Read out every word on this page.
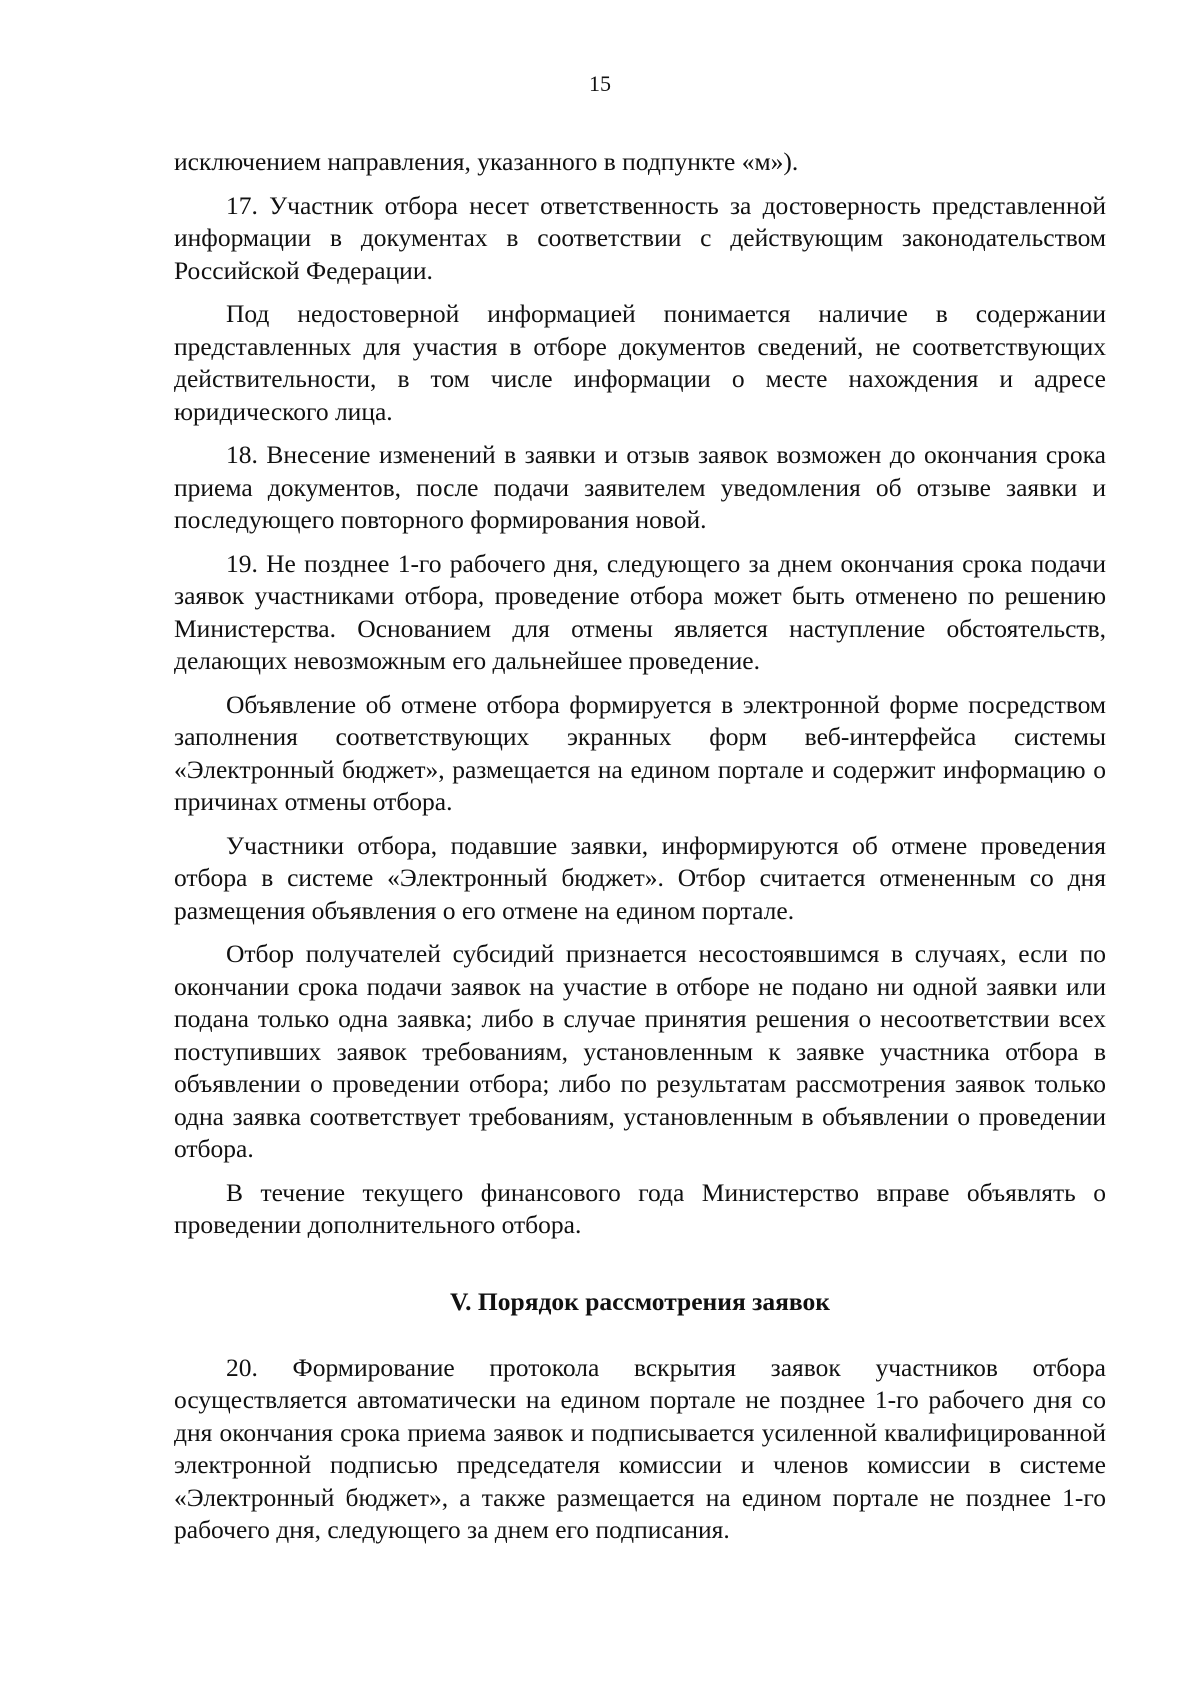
15

исключением направления, указанного в подпункте «м»).

17. Участник отбора несет ответственность за достоверность представленной информации в документах в соответствии с действующим законодательством Российской Федерации.

Под недостоверной информацией понимается наличие в содержании представленных для участия в отборе документов сведений, не соответствующих действительности, в том числе информации о месте нахождения и адресе юридического лица.

18. Внесение изменений в заявки и отзыв заявок возможен до окончания срока приема документов, после подачи заявителем уведомления об отзыве заявки и последующего повторного формирования новой.

19. Не позднее 1-го рабочего дня, следующего за днем окончания срока подачи заявок участниками отбора, проведение отбора может быть отменено по решению Министерства. Основанием для отмены является наступление обстоятельств, делающих невозможным его дальнейшее проведение.

Объявление об отмене отбора формируется в электронной форме посредством заполнения соответствующих экранных форм веб-интерфейса системы «Электронный бюджет», размещается на едином портале и содержит информацию о причинах отмены отбора.

Участники отбора, подавшие заявки, информируются об отмене проведения отбора в системе «Электронный бюджет». Отбор считается отмененным со дня размещения объявления о его отмене на едином портале.

Отбор получателей субсидий признается несостоявшимся в случаях, если по окончании срока подачи заявок на участие в отборе не подано ни одной заявки или подана только одна заявка; либо в случае принятия решения о несоответствии всех поступивших заявок требованиям, установленным к заявке участника отбора в объявлении о проведении отбора; либо по результатам рассмотрения заявок только одна заявка соответствует требованиям, установленным в объявлении о проведении отбора.

В течение текущего финансового года Министерство вправе объявлять о проведении дополнительного отбора.

V. Порядок рассмотрения заявок

20. Формирование протокола вскрытия заявок участников отбора осуществляется автоматически на едином портале не позднее 1-го рабочего дня со дня окончания срока приема заявок и подписывается усиленной квалифицированной электронной подписью председателя комиссии и членов комиссии в системе «Электронный бюджет», а также размещается на едином портале не позднее 1-го рабочего дня, следующего за днем его подписания.
